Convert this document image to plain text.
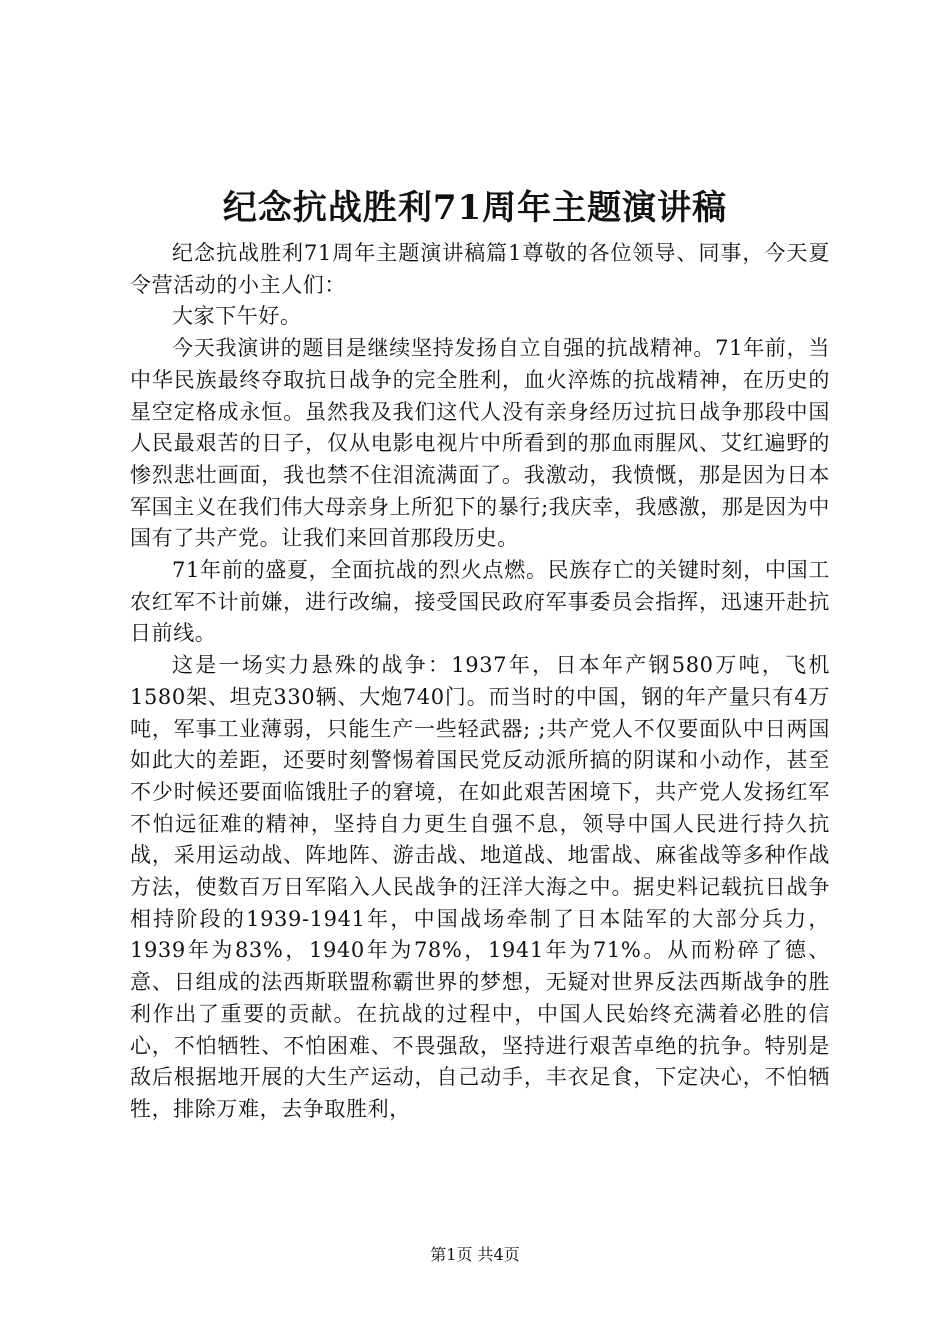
纪念抗战胜利71周年主题演讲稿

纪念抗战胜利71周年主题演讲稿篇1尊敬的各位领导、同事，今天夏令营活动的小主人们：

大家下午好。

今天我演讲的题目是继续坚持发扬自立自强的抗战精神。71年前，当中华民族最终夺取抗日战争的完全胜利，血火淬炼的抗战精神，在历史的星空定格成永恒。虽然我及我们这代人没有亲身经历过抗日战争那段中国人民最艰苦的日子，仅从电影电视片中所看到的那血雨腥风、艾红遍野的惨烈悲壮画面，我也禁不住泪流满面了。我激动，我愤慨，那是因为日本军国主义在我们伟大母亲身上所犯下的暴行;我庆幸，我感激，那是因为中国有了共产党。让我们来回首那段历史。

71年前的盛夏，全面抗战的烈火点燃。民族存亡的关键时刻，中国工农红军不计前嫌，进行改编，接受国民政府军事委员会指挥，迅速开赴抗日前线。

这是一场实力悬殊的战争：1937年，日本年产钢580万吨，飞机1580架、坦克330辆、大炮740门。而当时的中国，钢的年产量只有4万吨，军事工业薄弱，只能生产一些轻武器; ;共产党人不仅要面队中日两国如此大的差距，还要时刻警惕着国民党反动派所搞的阴谋和小动作，甚至不少时候还要面临饿肚子的窘境，在如此艰苦困境下，共产党人发扬红军不怕远征难的精神，坚持自力更生自强不息，领导中国人民进行持久抗战，采用运动战、阵地阵、游击战、地道战、地雷战、麻雀战等多种作战方法，使数百万日军陷入人民战争的汪洋大海之中。据史料记载抗日战争相持阶段的1939-1941年，中国战场牵制了日本陆军的大部分兵力，1939年为83%，1940年为78%，1941年为71%。从而粉碎了德、意、日组成的法西斯联盟称霸世界的梦想，无疑对世界反法西斯战争的胜利作出了重要的贡献。在抗战的过程中，中国人民始终充满着必胜的信心，不怕牺牲、不怕困难、不畏强敌，坚持进行艰苦卓绝的抗争。特别是敌后根据地开展的大生产运动，自己动手，丰衣足食，下定决心，不怕牺牲，排除万难，去争取胜利，

第1页 共4页
